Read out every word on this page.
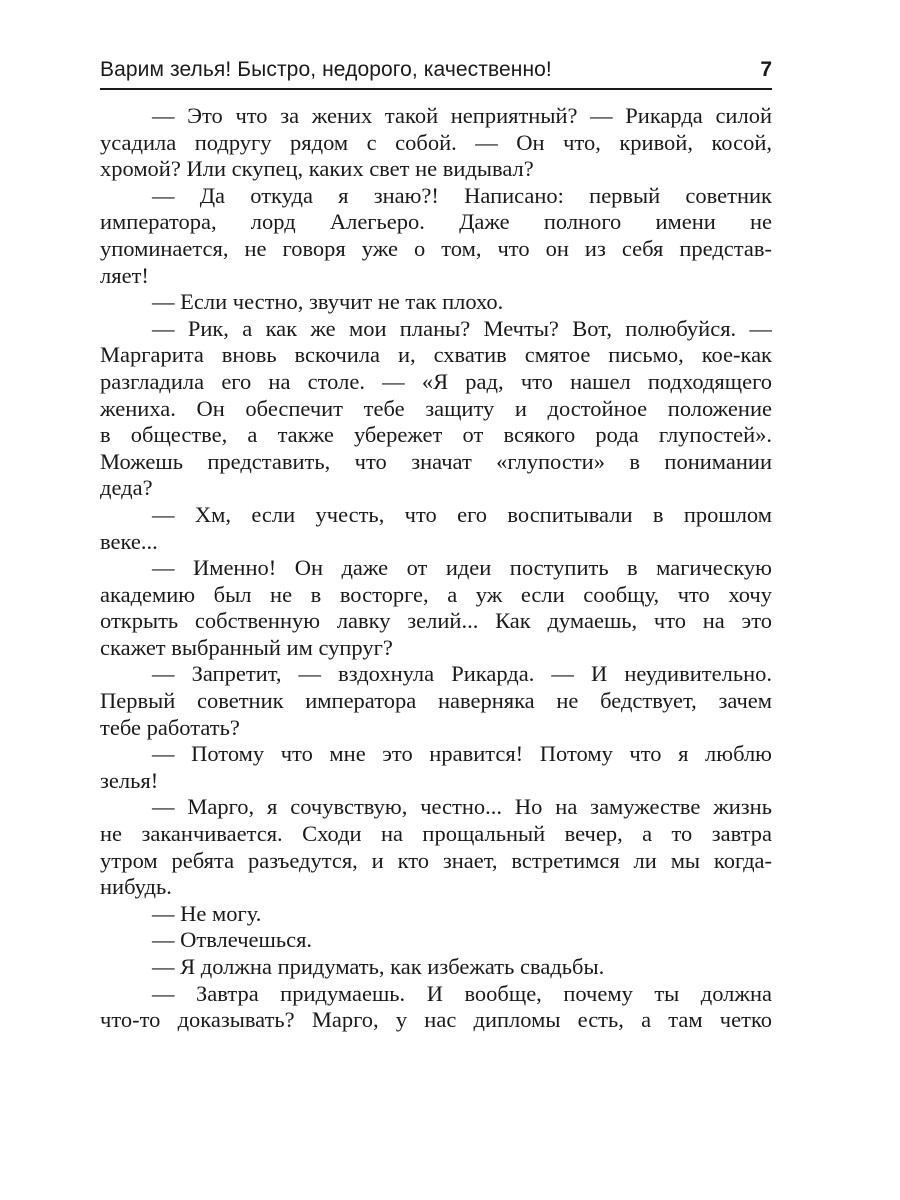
Варим зелья! Быстро, недорого, качественно!	7
— Это что за жених такой неприятный? — Рикарда силой
усадила подругу рядом с собой. — Он что, кривой, косой,
хромой? Или скупец, каких свет не видывал?
— Да откуда я знаю?! Написано: первый советник
императора, лорд Алегьеро. Даже полного имени не
упоминается, не говоря уже о том, что он из себя представ-
ляет!
— Если честно, звучит не так плохо.
— Рик, а как же мои планы? Мечты? Вот, полюбуйся. —
Маргарита вновь вскочила и, схватив смятое письмо, кое-как
разгладила его на столе. — «Я рад, что нашел подходящего
жениха. Он обеспечит тебе защиту и достойное положение
в обществе, а также убережет от всякого рода глупостей».
Можешь представить, что значат «глупости» в понимании
деда?
— Хм, если учесть, что его воспитывали в прошлом
веке...
— Именно! Он даже от идеи поступить в магическую
академию был не в восторге, а уж если сообщу, что хочу
открыть собственную лавку зелий... Как думаешь, что на это
скажет выбранный им супруг?
— Запретит, — вздохнула Рикарда. — И неудивительно.
Первый советник императора наверняка не бедствует, зачем
тебе работать?
— Потому что мне это нравится! Потому что я люблю
зелья!
— Марго, я сочувствую, честно... Но на замужестве жизнь
не заканчивается. Сходи на прощальный вечер, а то завтра
утром ребята разъедутся, и кто знает, встретимся ли мы когда-
нибудь.
— Не могу.
— Отвлечешься.
— Я должна придумать, как избежать свадьбы.
— Завтра придумаешь. И вообще, почему ты должна
что-то доказывать? Марго, у нас дипломы есть, а там четко
